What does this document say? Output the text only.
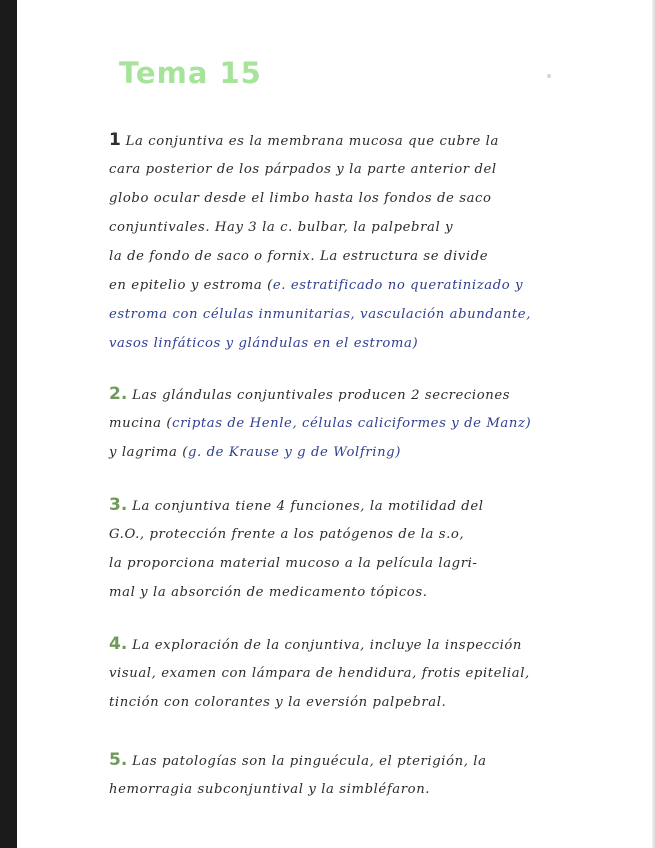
Tema 15
1 La conjuntiva es la membrana mucosa que cubre la
cara posterior de los párpados y la parte anterior del
globo ocular desde el limbo hasta los fondos de saco
conjuntivales. Hay 3 la c. bulbar, la palpebral y
la de fondo de saco o fornix. La estructura se divide
en epitelio y estroma (e. estratificado no queratinizado y
estroma con células inmunitarias, vasculación abundante,
vasos linfáticos y glándulas en el estroma)
2. Las glándulas conjuntivales producen 2 secreciones
mucina (criptas de Henle, células caliciformes y de Manz)
y lagrima (g. de Krause y g de Wolfring)
3. La conjuntiva tiene 4 funciones, la motilidad del
G.O., protección frente a los patógenos de la s.o,
la proporciona material mucoso a la película lagri-
mal y la absorción de medicamento tópicos.
4. La exploración de la conjuntiva, incluye la inspección
visual, examen con lámpara de hendidura, frotis epitelial,
tinción con colorantes y la eversión palpebral.
5. Las patologías son la pinguécula, el pterigión, la
hemorragia subconjuntival y la simbléfaron.
